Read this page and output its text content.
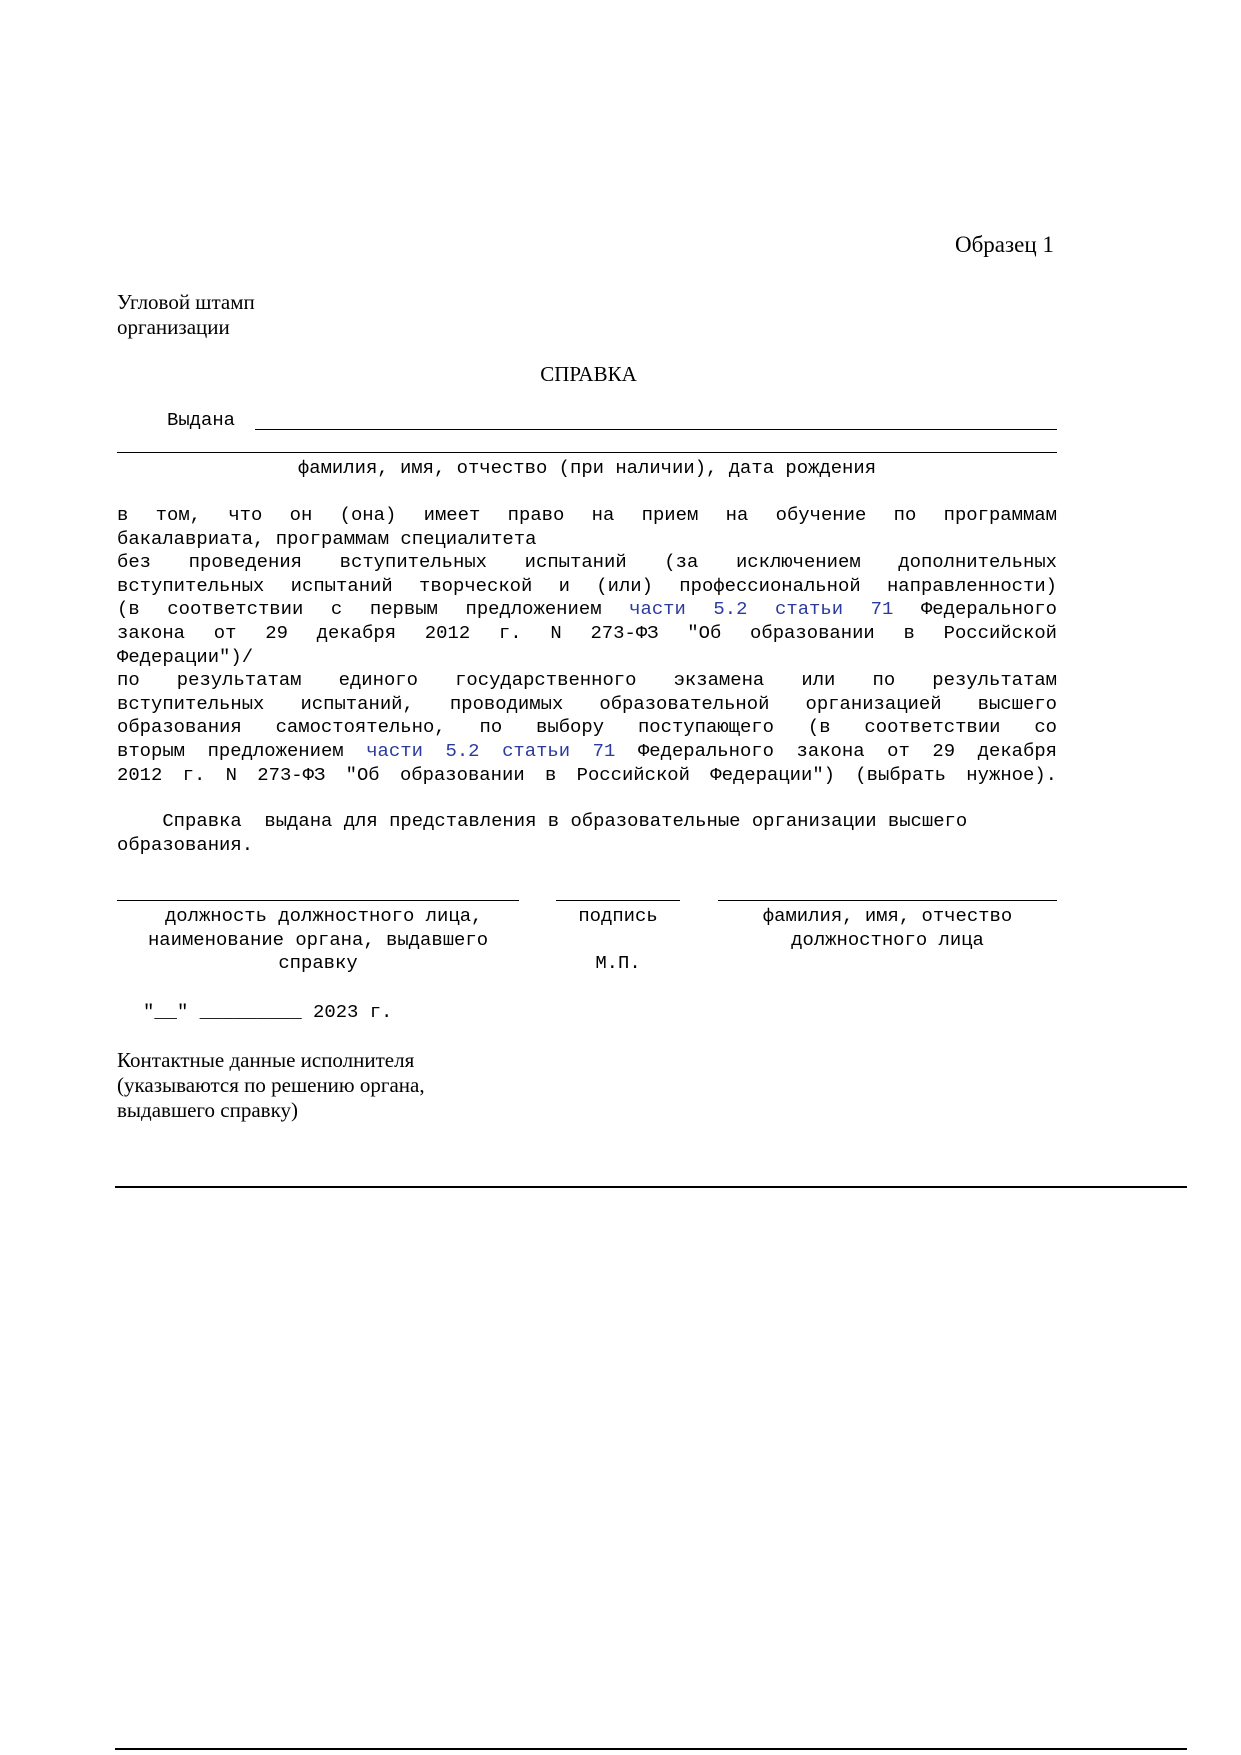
Образец 1
Угловой штамп
организации
СПРАВКА
Выдана
фамилия, имя, отчество (при наличии), дата рождения
в том, что он (она) имеет право на прием на обучение по программам
бакалавриата, программам специалитета
без проведения вступительных испытаний (за исключением дополнительных
вступительных испытаний творческой и (или) профессиональной направленности)
(в соответствии с первым предложением части 5.2 статьи 71 Федерального
закона от 29 декабря 2012 г. N 273-ФЗ "Об образовании в Российской
Федерации")/
по результатам единого государственного экзамена или по результатам
вступительных испытаний, проводимых образовательной организацией высшего
образования самостоятельно, по выбору поступающего (в соответствии со
вторым предложением части 5.2 статьи 71 Федерального закона от 29 декабря
2012 г. N 273-ФЗ "Об образовании в Российской Федерации") (выбрать нужное).
Справка  выдана для представления в образовательные организации высшего
образования.
должность должностного лица,
наименование органа, выдавшего
справку
подпись
М.П.
фамилия, имя, отчество
должностного лица
"__" _________ 2023 г.
Контактные данные исполнителя
(указываются по решению органа,
выдавшего справку)
